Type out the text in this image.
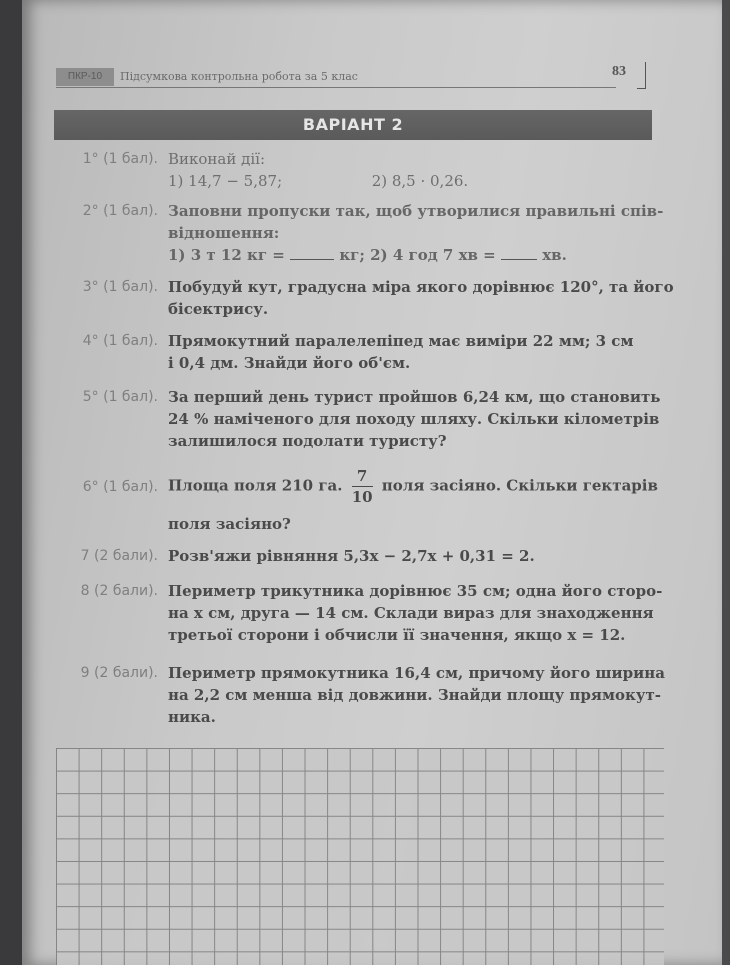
ПКР-10	Підсумкова контрольна робота за 5 клас	83
ВАРІАНТ 2
1° (1 бал). Виконай дії:
1) 14,7 − 5,87;	2) 8,5 · 0,26.
2° (1 бал). Заповни пропуски так, щоб утворилися правильні спів-
відношення:
1) 3 т 12 кг =	кг; 2) 4 год 7 хв =	хв.
3° (1 бал). Побудуй кут, градусна міра якого дорівнює 120°, та його
бісектрису.
4° (1 бал). Прямокутний паралелепіпед має виміри 22 мм; 3 см
і 0,4 дм. Знайди його об'єм.
5° (1 бал). За перший день турист пройшов 6,24 км, що становить
24 % наміченого для походу шляху. Скільки кілометрів
залишилося подолати туристу?
6° (1 бал). Площа поля 210 га. $\frac{7}{10}$ поля засіяно. Скільки гектарів
поля засіяно?
7 (2 бали). Розв'яжи рівняння 5,3x − 2,7x + 0,31 = 2.
8 (2 бали). Периметр трикутника дорівнює 35 см; одна його сторо-
на x см, друга — 14 см. Склади вираз для знаходження
третьої сторони і обчисли її значення, якщо x = 12.
9 (2 бали). Периметр прямокутника 16,4 см, причому його ширина
на 2,2 см менша від довжини. Знайди площу прямокут-
ника.
